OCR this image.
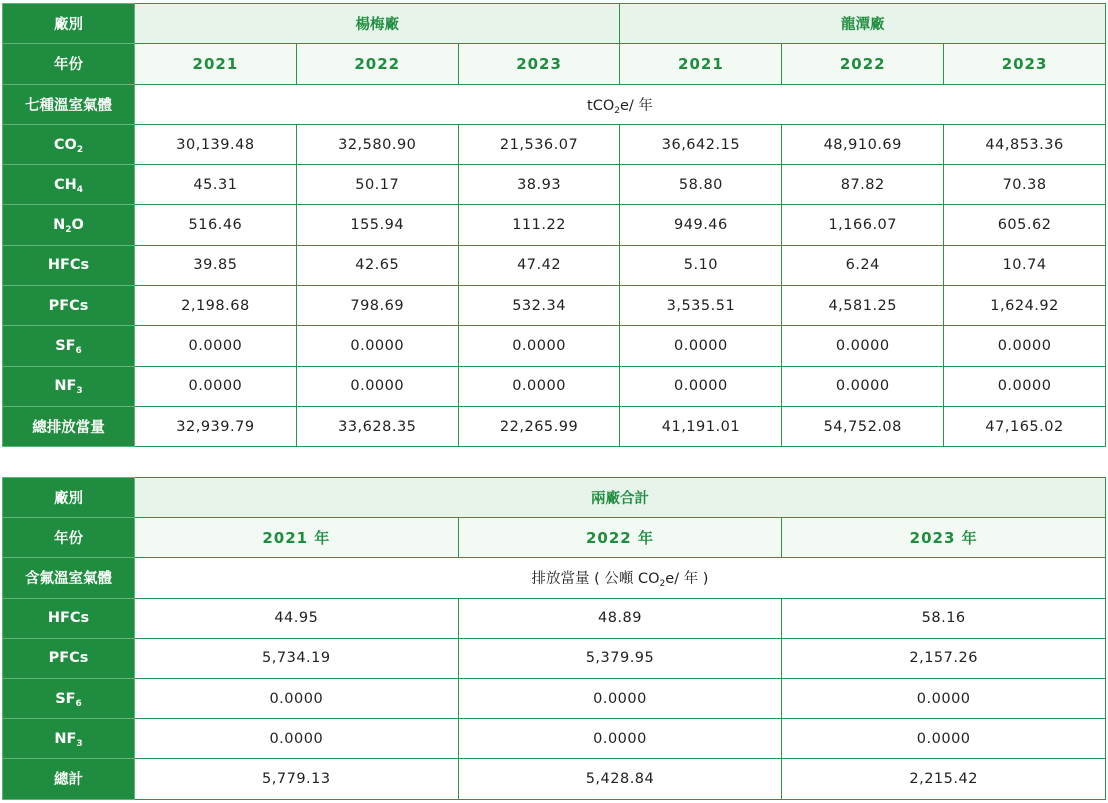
廠別	楊梅廠			龍潭廠		
年份	2021	2022	2023	2021	2022	2023
七種溫室氣體	tCO$_2$e/ 年					
$CO_2$	30,139.48	32,580.90	21,536.07	36,642.15	48,910.69	44,853.36
$CH_4$	45.31	50.17	38.93	58.80	87.82	70.38
$N_2O$	516.46	155.94	111.22	949.46	1,166.07	605.62
HFCs	39.85	42.65	47.42	5.10	6.24	10.74
PFCs	2,198.68	798.69	532.34	3,535.51	4,581.25	1,624.92
$SF_6$	0.0000	0.0000	0.0000	0.0000	0.0000	0.0000
$NF_3$	0.0000	0.0000	0.0000	0.0000	0.0000	0.0000
總排放當量	32,939.79	33,628.35	22,265.99	41,191.01	54,752.08	47,165.02
廠別	兩廠合計		
年份	2021 年	2022 年	2023 年
含氟溫室氣體	排放當量 ( 公噸 $CO_2e/$ 年 )		
HFCs	44.95	48.89	58.16
PFCs	5,734.19	5,379.95	2,157.26
$SF_6$	0.0000	0.0000	0.0000
$NF_3$	0.0000	0.0000	0.0000
總計	5,779.13	5,428.84	2,215.42
